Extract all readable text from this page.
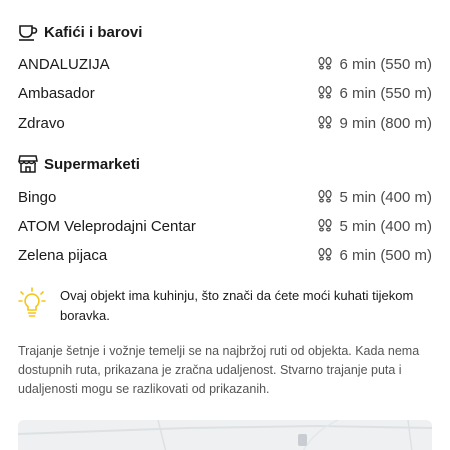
Kafići i barovi
ANDALUZIJA	6 min (550 m)
Ambasador	6 min (550 m)
Zdravo	9 min (800 m)
Supermarketi
Bingo	5 min (400 m)
ATOM Veleprodajni Centar	5 min (400 m)
Zelena pijaca	6 min (500 m)
Ovaj objekt ima kuhinju, što znači da ćete moći kuhati tijekom boravka.
Trajanje šetnje i vožnje temelji se na najbržoj ruti od objekta. Kada nema dostupnih ruta, prikazana je zračna udaljenost. Stvarno trajanje puta i udaljenosti mogu se razlikovati od prikazanih.
